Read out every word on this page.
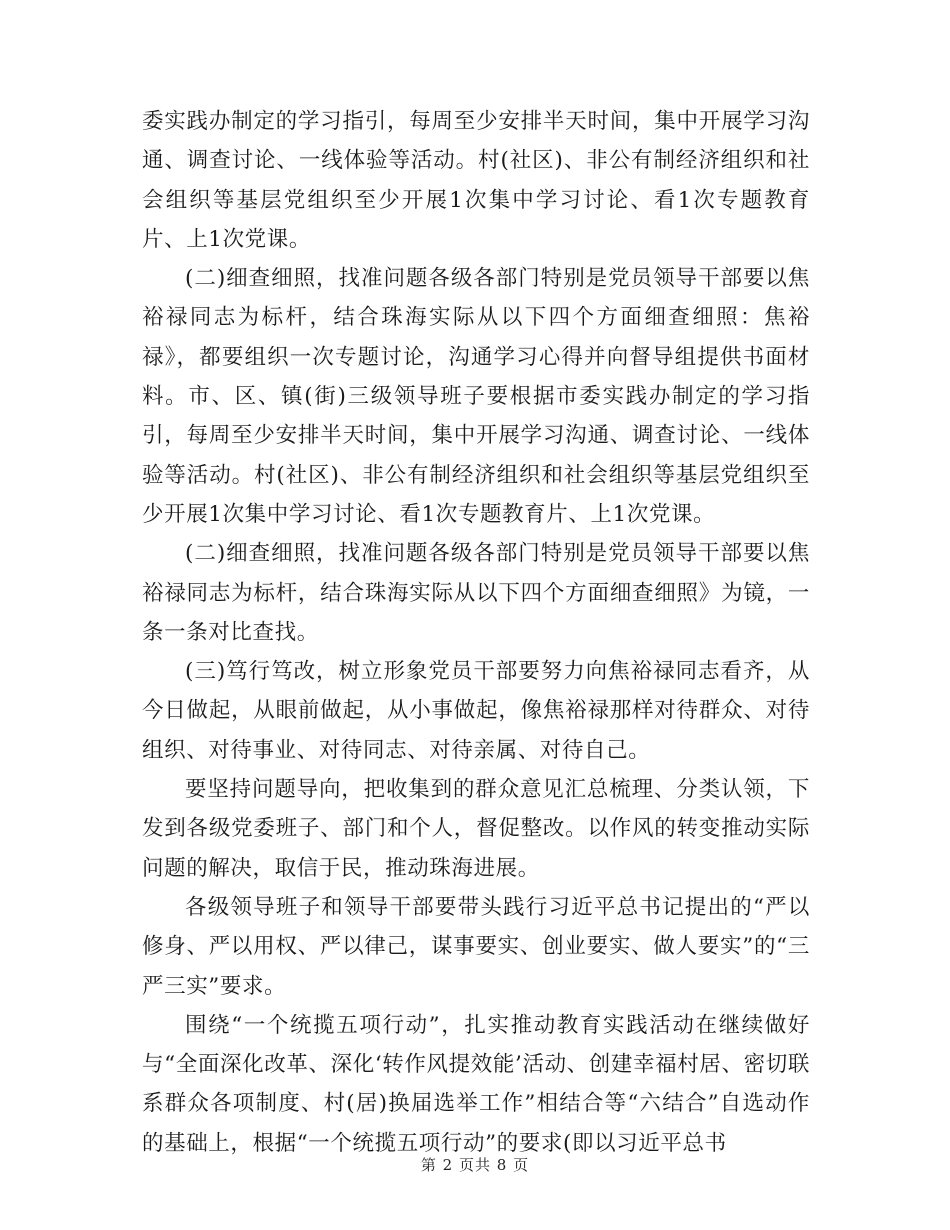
委实践办制定的学习指引，每周至少安排半天时间，集中开展学习沟通、调查讨论、一线体验等活动。村(社区)、非公有制经济组织和社会组织等基层党组织至少开展1次集中学习讨论、看1次专题教育片、上1次党课。

(二)细查细照，找准问题各级各部门特别是党员领导干部要以焦裕禄同志为标杆，结合珠海实际从以下四个方面细查细照：焦裕禄》，都要组织一次专题讨论，沟通学习心得并向督导组提供书面材料。市、区、镇(街)三级领导班子要根据市委实践办制定的学习指引，每周至少安排半天时间，集中开展学习沟通、调查讨论、一线体验等活动。村(社区)、非公有制经济组织和社会组织等基层党组织至少开展1次集中学习讨论、看1次专题教育片、上1次党课。

(二)细查细照，找准问题各级各部门特别是党员领导干部要以焦裕禄同志为标杆，结合珠海实际从以下四个方面细查细照》为镜，一条一条对比查找。

(三)笃行笃改，树立形象党员干部要努力向焦裕禄同志看齐，从今日做起，从眼前做起，从小事做起，像焦裕禄那样对待群众、对待组织、对待事业、对待同志、对待亲属、对待自己。

要坚持问题导向，把收集到的群众意见汇总梳理、分类认领，下发到各级党委班子、部门和个人，督促整改。以作风的转变推动实际问题的解决，取信于民，推动珠海进展。

各级领导班子和领导干部要带头践行习近平总书记提出的“严以修身、严以用权、严以律己，谋事要实、创业要实、做人要实”的“三严三实”要求。

围绕“一个统揽五项行动”，扎实推动教育实践活动在继续做好与“全面深化改革、深化‘转作风提效能’活动、创建幸福村居、密切联系群众各项制度、村(居)换届选举工作”相结合等“六结合”自选动作的基础上，根据“一个统揽五项行动”的要求(即以习近平总书

第 2 页共 8 页
